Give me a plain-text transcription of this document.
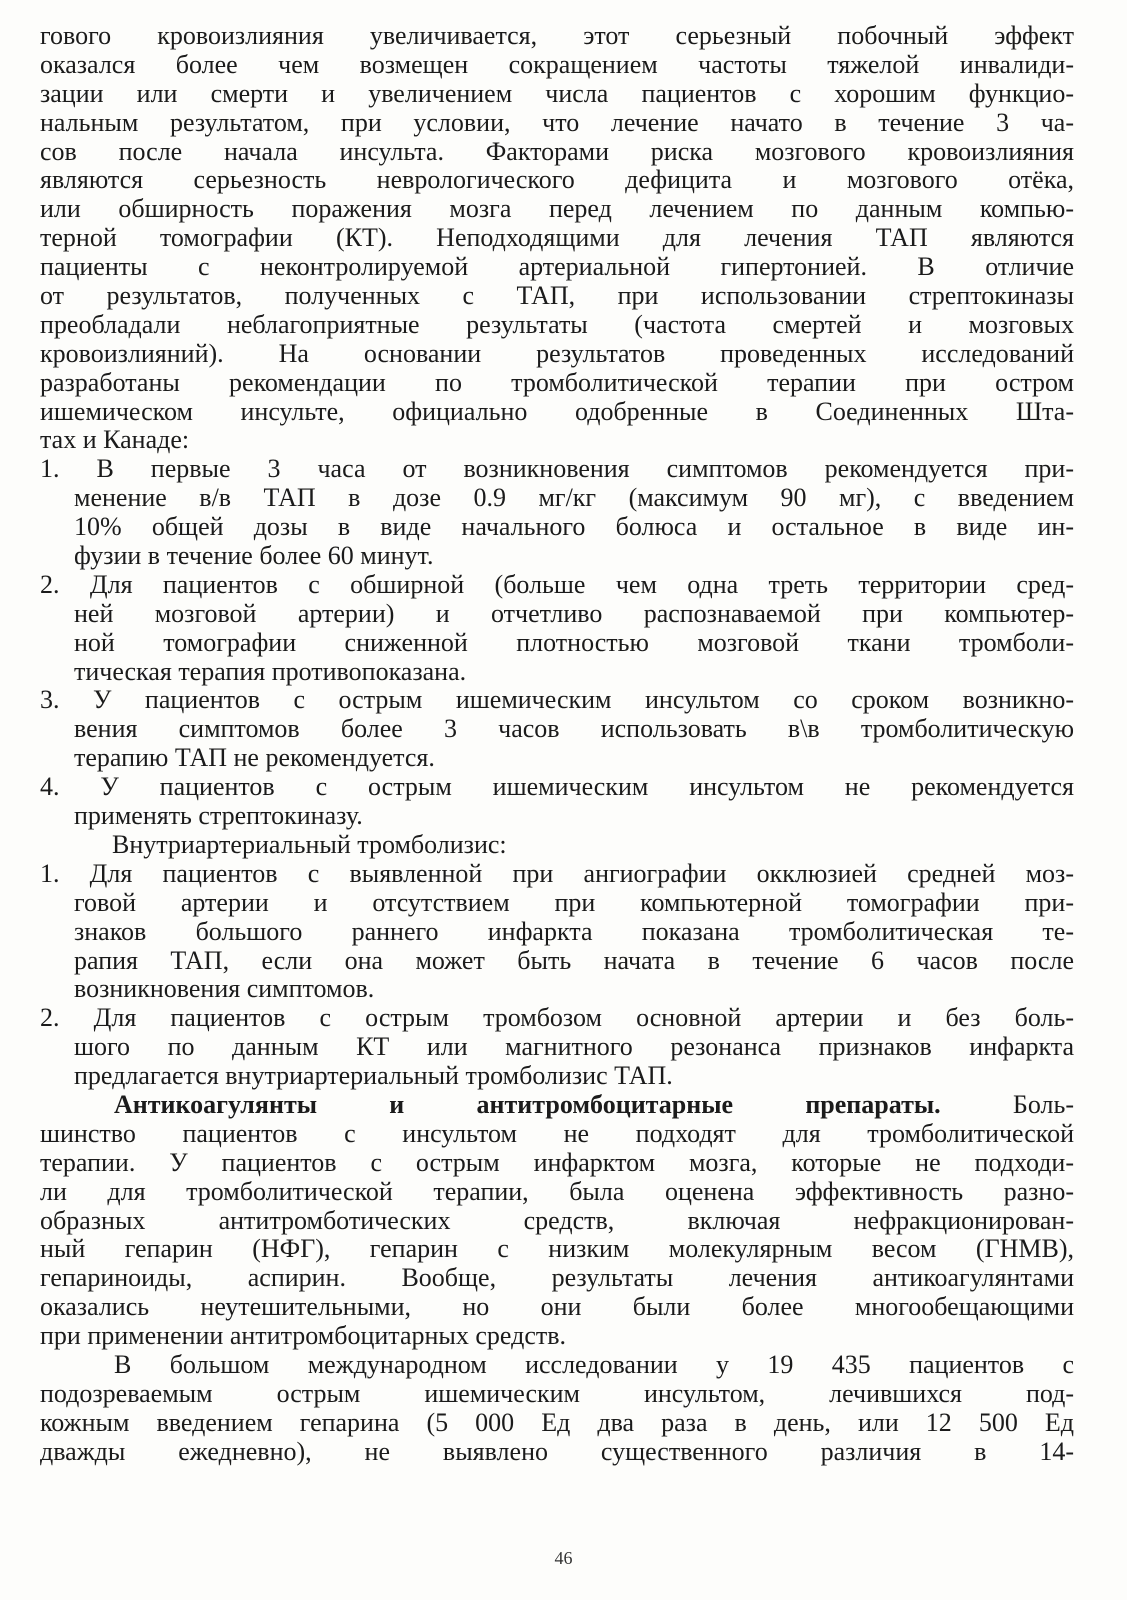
гового кровоизлияния увеличивается, этот серьезный побочный эффект
оказался более чем возмещен сокращением частоты тяжелой инвалиди-
зации или смерти и увеличением числа пациентов с хорошим функцио-
нальным результатом, при условии, что лечение начато в течение 3 ча-
сов после начала инсульта. Факторами риска мозгового кровоизлияния
являются серьезность неврологического дефицита и мозгового отёка,
или обширность поражения мозга перед лечением по данным компью-
терной томографии (КТ). Неподходящими для лечения ТАП являются
пациенты с неконтролируемой артериальной гипертонией. В отличие
от результатов, полученных с ТАП, при использовании стрептокиназы
преобладали неблагоприятные результаты (частота смертей и мозговых
кровоизлияний). На основании результатов проведенных исследований
разработаны рекомендации по тромболитической терапии при остром
ишемическом инсульте, официально одобренные в Соединенных Шта-
тах и Канаде:
1. В первые 3 часа от возникновения симптомов рекомендуется при-
менение в/в ТАП в дозе 0.9 мг/кг (максимум 90 мг), с введением
10% общей дозы в виде начального болюса и остальное в виде ин-
фузии в течение более 60 минут.
2. Для пациентов с обширной (больше чем одна треть территории сред-
ней мозговой артерии) и отчетливо распознаваемой при компьютер-
ной томографии сниженной плотностью мозговой ткани тромболи-
тическая терапия противопоказана.
3. У пациентов с острым ишемическим инсультом со сроком возникно-
вения симптомов более 3 часов использовать в\в тромболитическую
терапию ТАП не рекомендуется.
4. У пациентов с острым ишемическим инсультом не рекомендуется
применять стрептокиназу.
Внутриартериальный тромболизис:
1. Для пациентов с выявленной при ангиографии окклюзией средней моз-
говой артерии и отсутствием при компьютерной томографии при-
знаков большого раннего инфаркта показана тромболитическая те-
рапия ТАП, если она может быть начата в течение 6 часов после
возникновения симптомов.
2. Для пациентов с острым тромбозом основной артерии и без боль-
шого по данным КТ или магнитного резонанса признаков инфаркта
предлагается внутриартериальный тромболизис ТАП.
Антикоагулянты и антитромбоцитарные препараты. Боль-
шинство пациентов с инсультом не подходят для тромболитической
терапии. У пациентов с острым инфарктом мозга, которые не подходи-
ли для тромболитической терапии, была оценена эффективность разно-
образных антитромботических средств, включая нефракционирован-
ный гепарин (НФГ), гепарин с низким молекулярным весом (ГНМВ),
гепариноиды, аспирин. Вообще, результаты лечения антикоагулянтами
оказались неутешительными, но они были более многообещающими
при применении антитромбоцитарных средств.
В большом международном исследовании у 19 435 пациентов с
подозреваемым острым ишемическим инсультом, лечившихся под-
кожным введением гепарина (5 000 Ед два раза в день, или 12 500 Ед
дважды ежедневно), не выявлено существенного различия в 14-
46
